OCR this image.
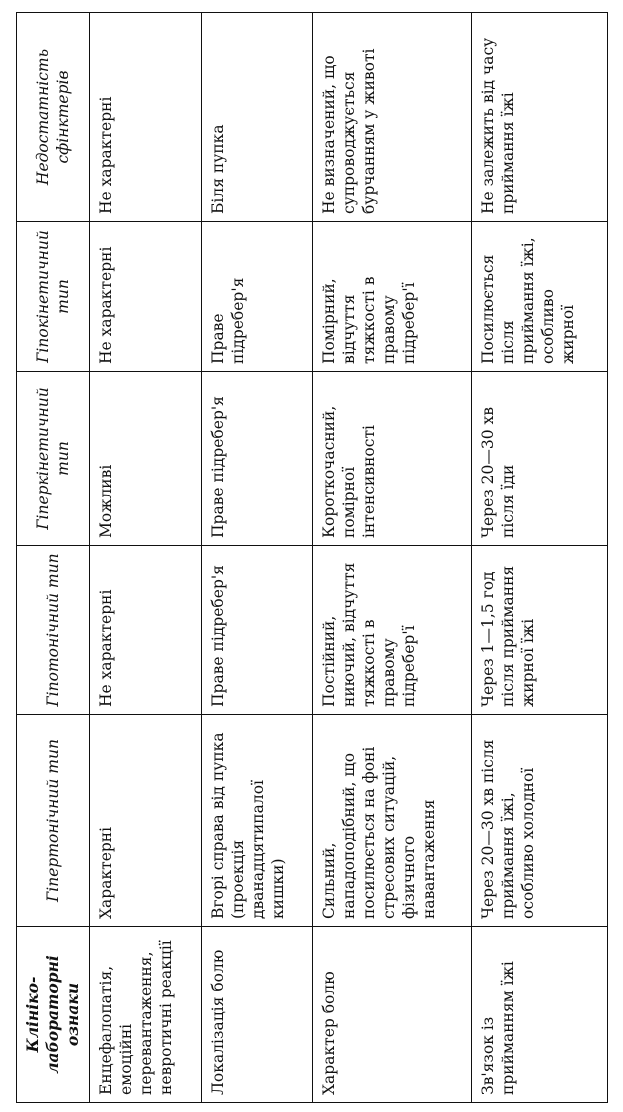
Клініко-лабораторні ознаки	Гіпертонічний тип	Гіпотонічний тип	Гіперкінетичний тип	Гіпокінетичний тип	Недостатність сфінктерів
Енцефалопатія, емоційні перевантаження, невротичні реакції	Характерні	Не характерні	Можливі	Не характерні	Не характерні
Локалізація болю	Вгорі справа від пупка (проекція дванадцятипалої кишки)	Праве підребер'я	Праве підребер'я	Праве підребер'я	Біля пупка
Характер болю	Сильний, нападоподібний, що посилюється на фоні стресових ситуацій, фізичного навантаження	Постійний, ниючий, відчуття тяжкості в правому підребер'ї	Короткочасний, помірної інтенсивності	Помірний, відчуття тяжкості в правому підребер'ї	Не визначений, що супроводжується бурчанням у животі
Зв'язок із прийманням їжі	Через 20—30 хв після приймання їжі, особливо холодної	Через 1—1,5 год після приймання жирної їжі	Через 20—30 хв після їди	Посилюється після приймання їжі, особливо жирної	Не залежить від часу приймання їжі
